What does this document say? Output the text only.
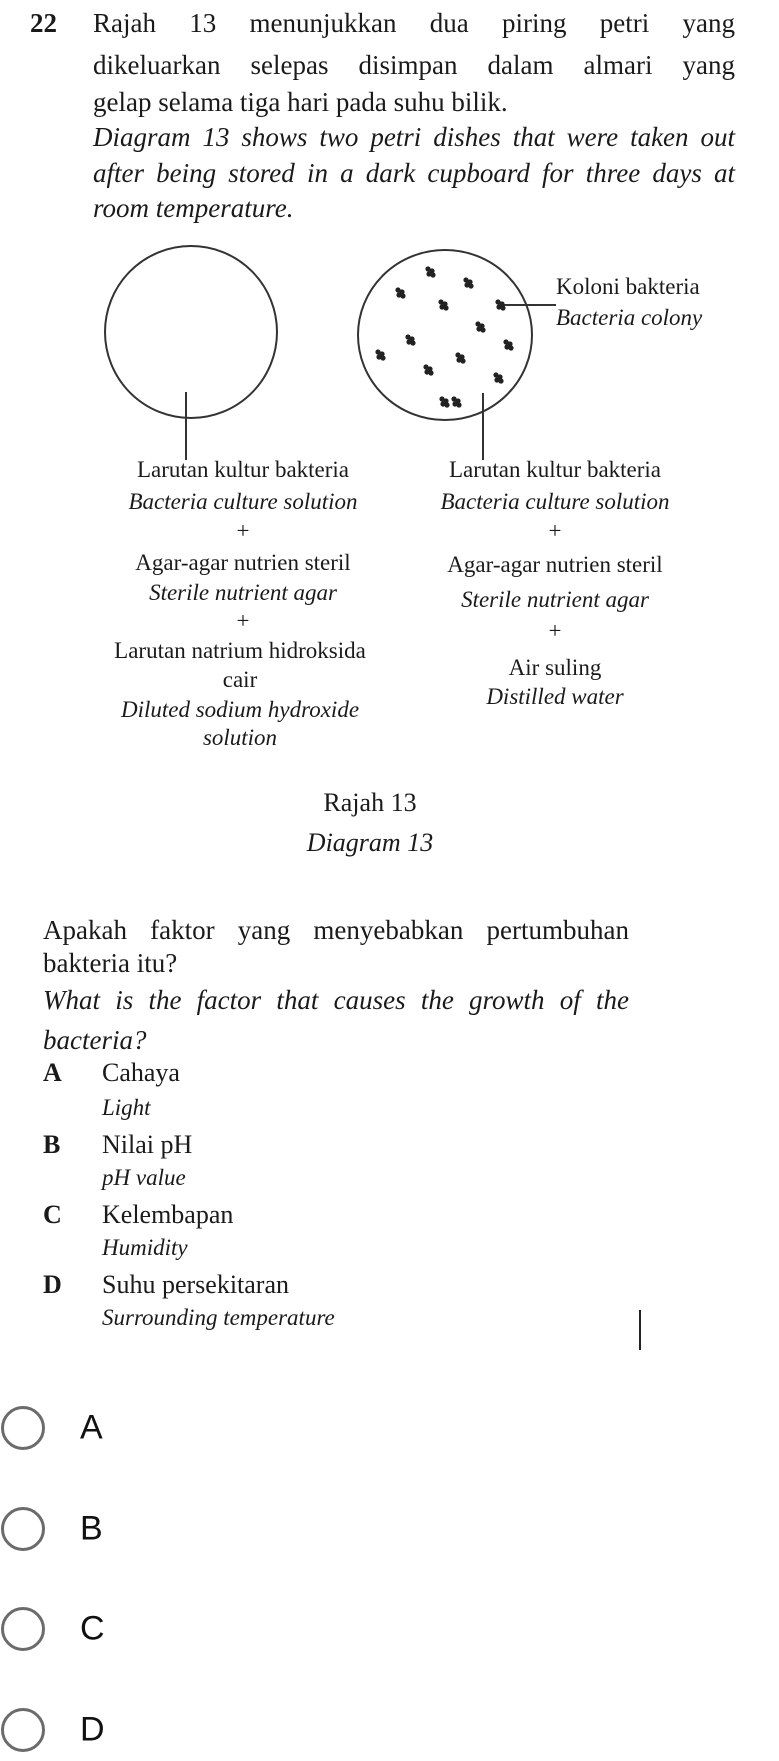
22 Rajah 13 menunjukkan dua piring petri yang
dikeluarkan selepas disimpan dalam almari yang
gelap selama tiga hari pada suhu bilik.
Diagram 13 shows two petri dishes that were taken out
after being stored in a dark cupboard for three days at
room temperature.
Koloni bakteria
Bacteria colony
Larutan kultur bakteria
Bacteria culture solution
+
Agar-agar nutrien steril
Sterile nutrient agar
+
Larutan natrium hidroksida
cair
Diluted sodium hydroxide
solution
Larutan kultur bakteria
Bacteria culture solution
+
Agar-agar nutrien steril
Sterile nutrient agar
+
Air suling
Distilled water
Rajah 13
Diagram 13
Apakah faktor yang menyebabkan pertumbuhan
bakteria itu?
What is the factor that causes the growth of the
bacteria?
A Cahaya
Light
B Nilai pH
pH value
C Kelembapan
Humidity
D Suhu persekitaran
Surrounding temperature
A
B
C
D
